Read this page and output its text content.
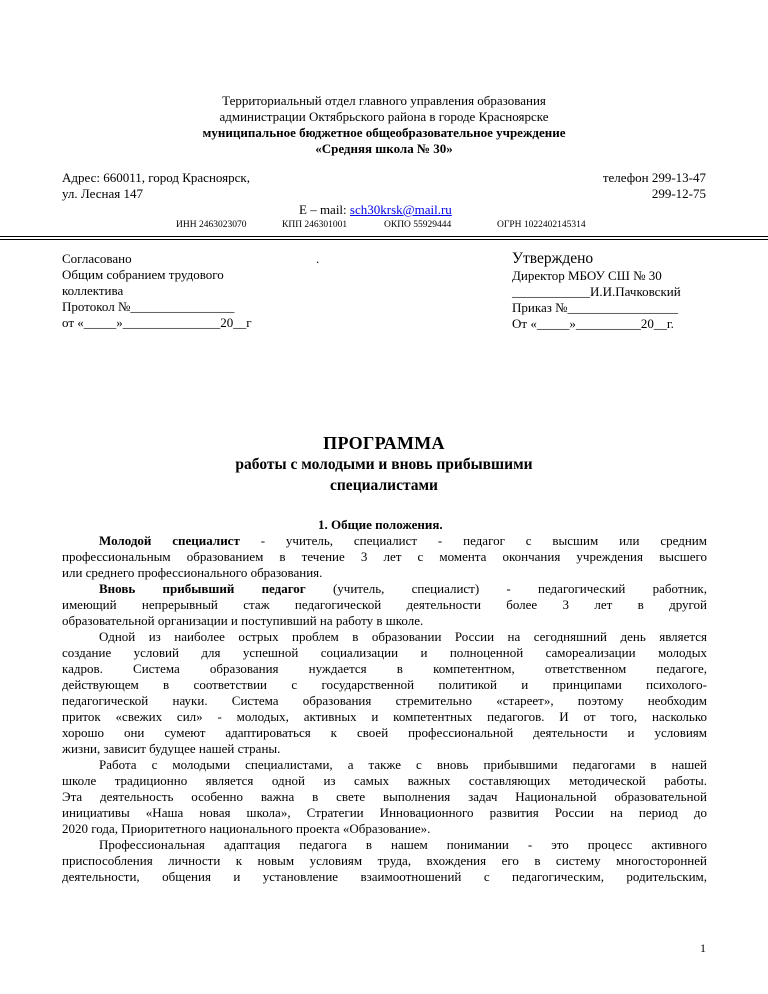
Территориальный отдел главного управления образования
администрации Октябрьского района в городе Красноярске
муниципальное бюджетное общеобразовательное учреждение
«Средняя школа № 30»
Адрес: 660011, город Красноярск,
ул. Лесная 147
телефон 299-13-47
299-12-75
E – mail: sch30krsk@mail.ru
ИНН 2463023070	КПП 246301001	ОКПО 55929444	ОГРН 1022402145314
Согласовано
Общим собранием трудового
коллектива
Протокол №________________
от «_____»_______________20__г
.	Утверждено
Директор МБОУ СШ № 30
____________И.И.Пачковский
Приказ №_________________
От «_____»__________20__г.
ПРОГРАММА
работы с молодыми и вновь прибывшими
специалистами
1. Общие положения.
Молодой специалист - учитель, специалист - педагог с высшим или средним
профессиональным образованием в течение 3 лет с момента окончания учреждения высшего
или среднего профессионального образования.
Вновь прибывший педагог (учитель, специалист) - педагогический работник,
имеющий непрерывный стаж педагогической деятельности более 3 лет в другой
образовательной организации и поступивший на работу в школе.
Одной из наиболее острых проблем в образовании России на сегодняшний день является
создание условий для успешной социализации и полноценной самореализации молодых
кадров. Система образования нуждается в компетентном, ответственном педагоге,
действующем в соответствии с государственной политикой и принципами психолого-
педагогической науки. Система образования стремительно «стареет», поэтому необходим
приток «свежих сил» - молодых, активных и компетентных педагогов. И от того, насколько
хорошо они сумеют адаптироваться к своей профессиональной деятельности и условиям
жизни, зависит будущее нашей страны.
Работа с молодыми специалистами, а также с вновь прибывшими педагогами в нашей
школе традиционно является одной из самых важных составляющих методической работы.
Эта деятельность особенно важна в свете выполнения задач Национальной образовательной
инициативы «Наша новая школа», Стратегии Инновационного развития России на период до
2020 года, Приоритетного национального проекта «Образование».
Профессиональная адаптация педагога в нашем понимании - это процесс активного
приспособления личности к новым условиям труда, вхождения его в систему многосторонней
деятельности, общения и установление взаимоотношений с педагогическим, родительским,
1
